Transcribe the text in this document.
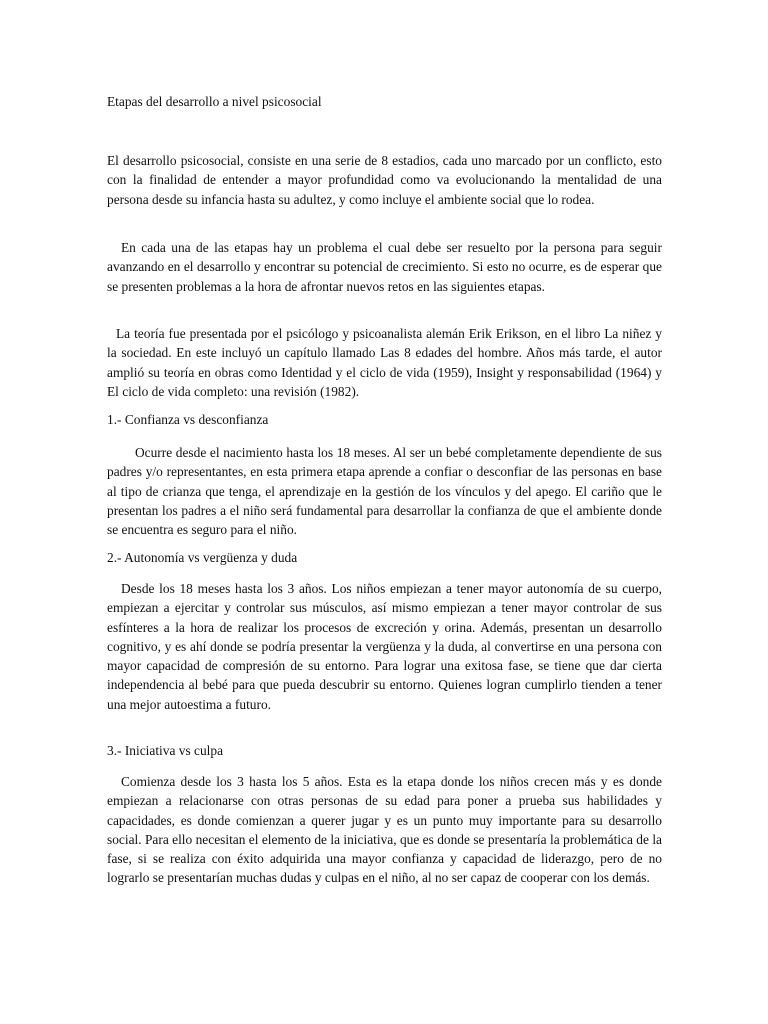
Etapas del desarrollo a nivel psicosocial

El desarrollo psicosocial, consiste en una serie de 8 estadios, cada uno marcado por un conflicto, esto con la finalidad de entender a mayor profundidad como va evolucionando la mentalidad de una persona desde su infancia hasta su adultez, y como incluye el ambiente social que lo rodea.

En cada una de las etapas hay un problema el cual debe ser resuelto por la persona para seguir avanzando en el desarrollo y encontrar su potencial de crecimiento. Si esto no ocurre, es de esperar que se presenten problemas a la hora de afrontar nuevos retos en las siguientes etapas.

La teoría fue presentada por el psicólogo y psicoanalista alemán Erik Erikson, en el libro La niñez y la sociedad. En este incluyó un capítulo llamado Las 8 edades del hombre. Años más tarde, el autor amplió su teoría en obras como Identidad y el ciclo de vida (1959), Insight y responsabilidad (1964) y El ciclo de vida completo: una revisión (1982).

1.- Confianza vs desconfianza

Ocurre desde el nacimiento hasta los 18 meses. Al ser un bebé completamente dependiente de sus padres y/o representantes, en esta primera etapa aprende a confiar o desconfiar de las personas en base al tipo de crianza que tenga, el aprendizaje en la gestión de los vínculos y del apego. El cariño que le presentan los padres a el niño será fundamental para desarrollar la confianza de que el ambiente donde se encuentra es seguro para el niño.

2.- Autonomía vs vergüenza y duda

Desde los 18 meses hasta los 3 años. Los niños empiezan a tener mayor autonomía de su cuerpo, empiezan a ejercitar y controlar sus músculos, así mismo empiezan a tener mayor controlar de sus esfínteres a la hora de realizar los procesos de excreción y orina. Además, presentan un desarrollo cognitivo, y es ahí donde se podría presentar la vergüenza y la duda, al convertirse en una persona con mayor capacidad de compresión de su entorno. Para lograr una exitosa fase, se tiene que dar cierta independencia al bebé para que pueda descubrir su entorno. Quienes logran cumplirlo tienden a tener una mejor autoestima a futuro.

3.- Iniciativa vs culpa

Comienza desde los 3 hasta los 5 años. Esta es la etapa donde los niños crecen más y es donde empiezan a relacionarse con otras personas de su edad para poner a prueba sus habilidades y capacidades, es donde comienzan a querer jugar y es un punto muy importante para su desarrollo social. Para ello necesitan el elemento de la iniciativa, que es donde se presentaría la problemática de la fase, si se realiza con éxito adquirida una mayor confianza y capacidad de liderazgo, pero de no lograrlo se presentarían muchas dudas y culpas en el niño, al no ser capaz de cooperar con los demás.
